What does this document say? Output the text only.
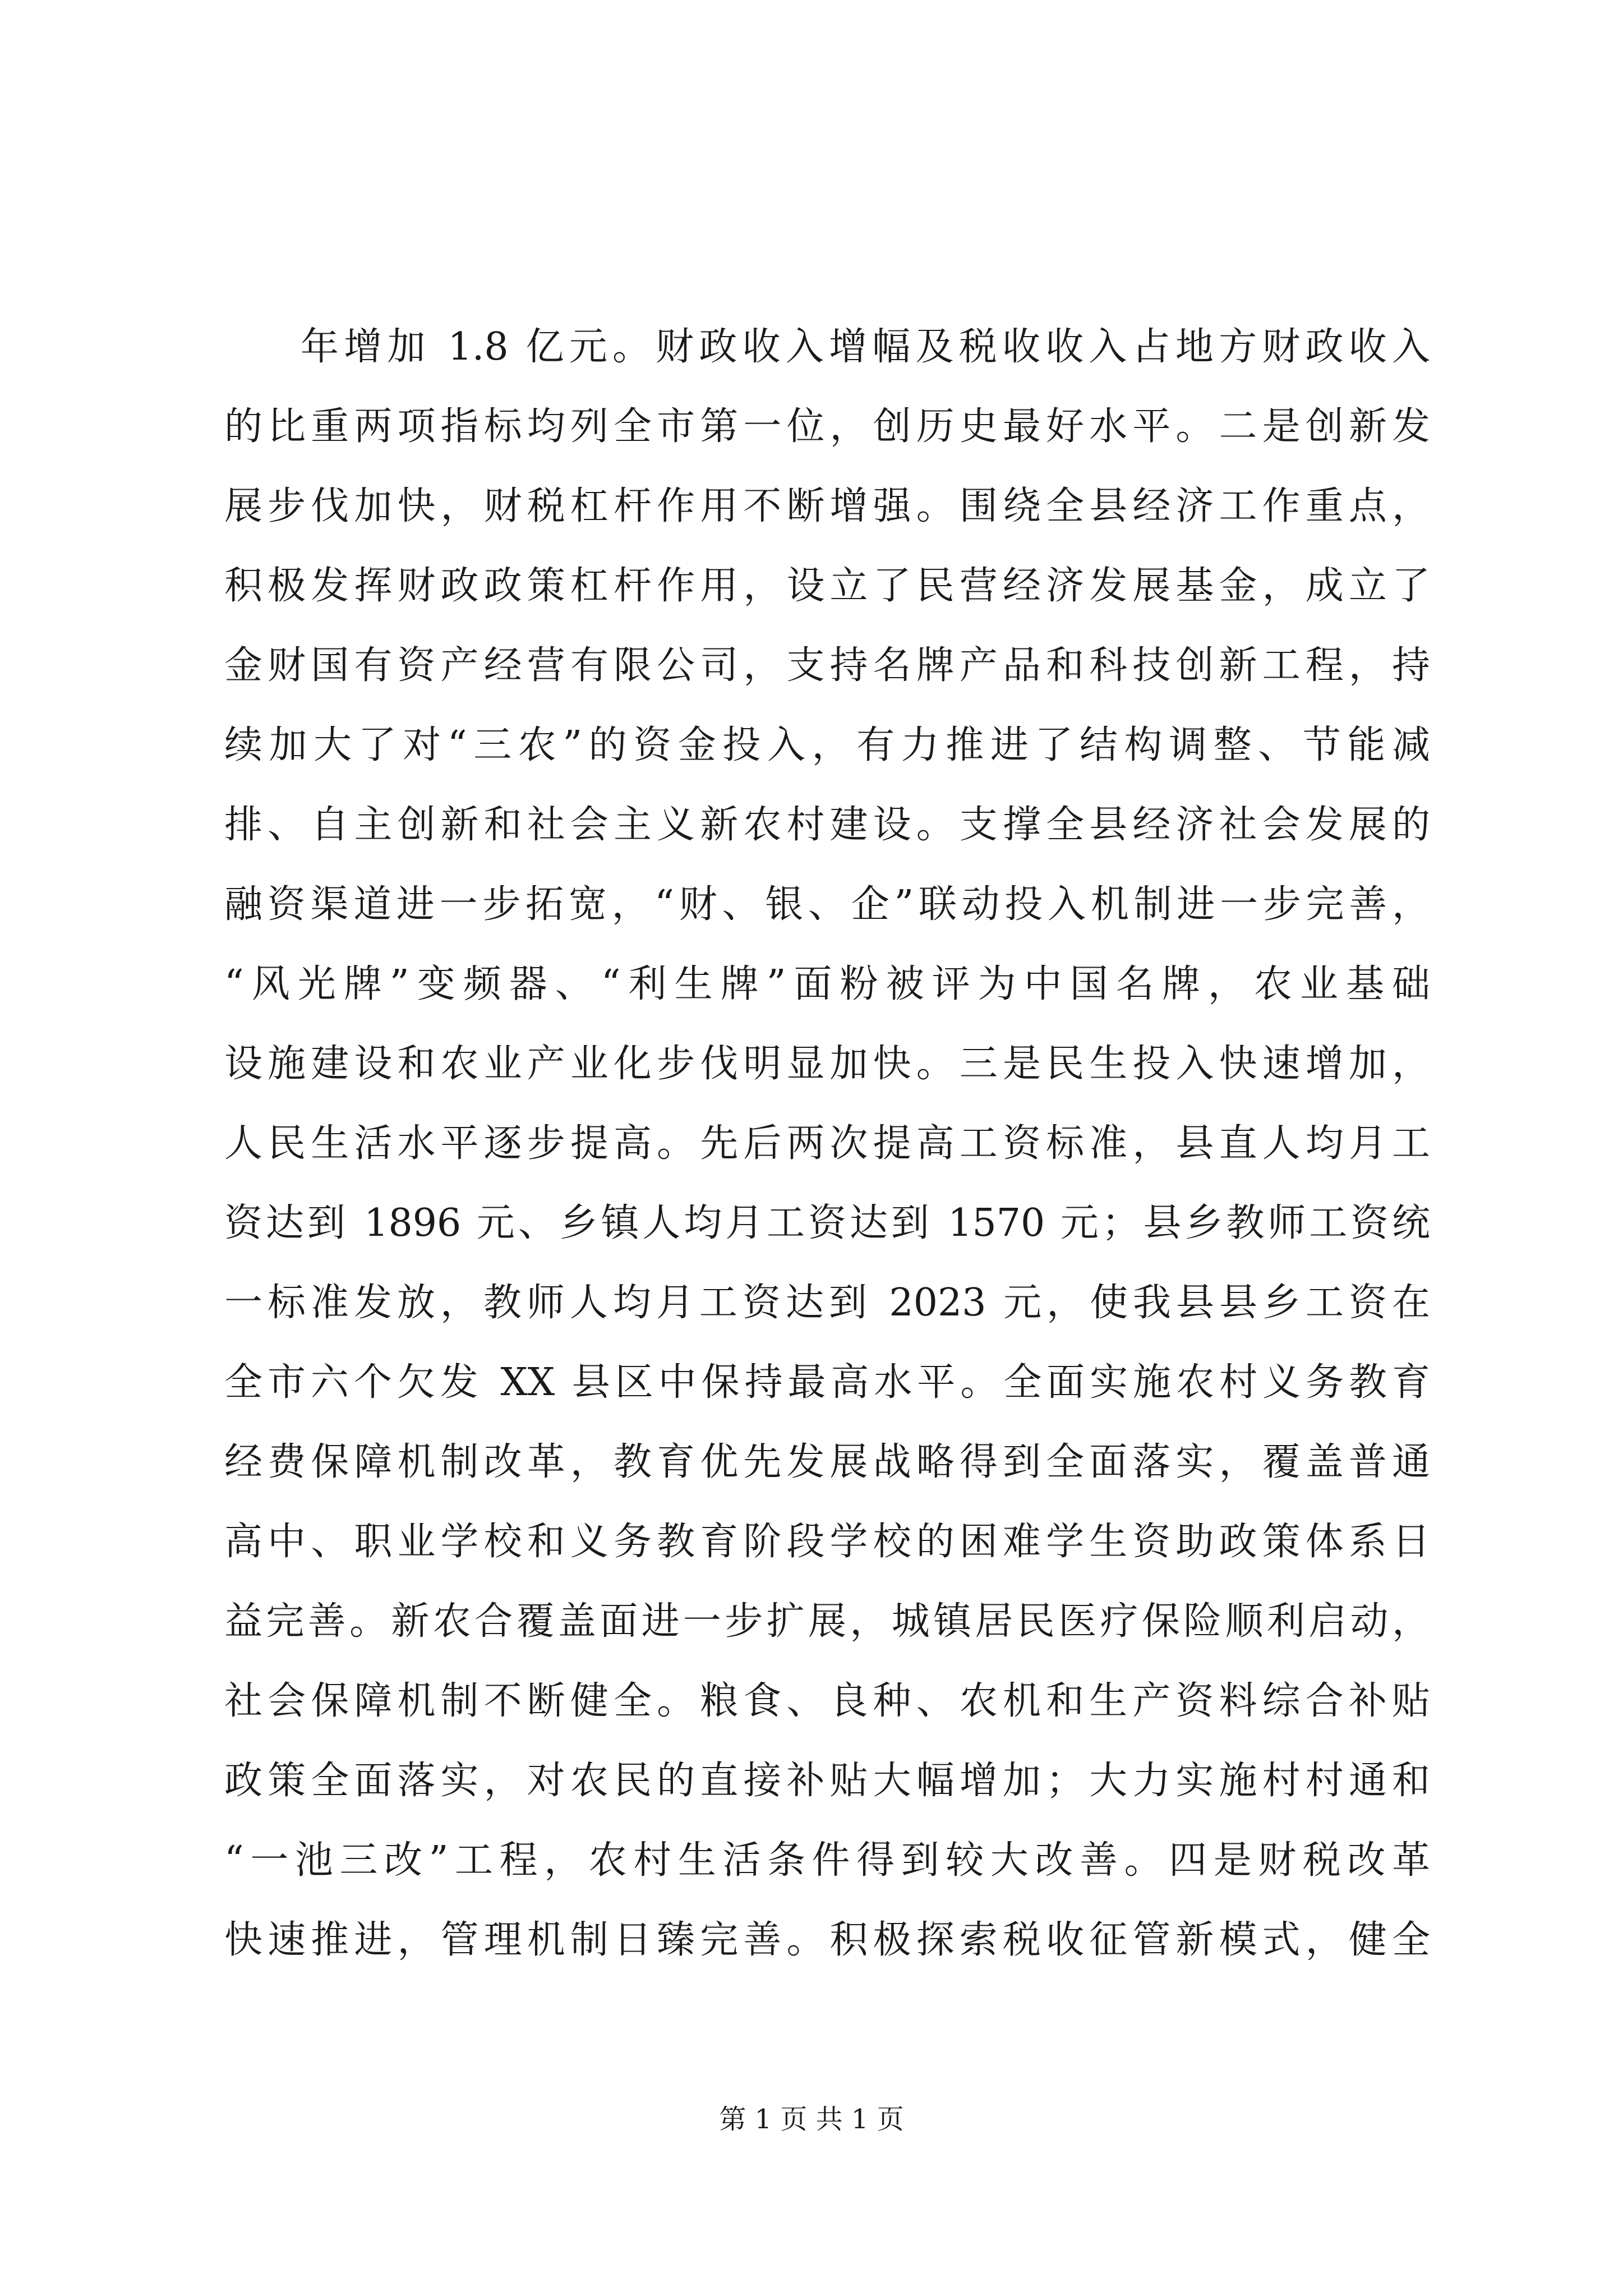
年增加 1.8 亿元。财政收入增幅及税收收入占地方财政收入
的比重两项指标均列全市第一位，创历史最好水平。二是创新发
展步伐加快，财税杠杆作用不断增强。围绕全县经济工作重点，
积极发挥财政政策杠杆作用，设立了民营经济发展基金，成立了
金财国有资产经营有限公司，支持名牌产品和科技创新工程，持
续加大了对“三农”的资金投入，有力推进了结构调整、节能减
排、自主创新和社会主义新农村建设。支撑全县经济社会发展的
融资渠道进一步拓宽，“财、银、企”联动投入机制进一步完善，
“风光牌”变频器、“利生牌”面粉被评为中国名牌，农业基础
设施建设和农业产业化步伐明显加快。三是民生投入快速增加，
人民生活水平逐步提高。先后两次提高工资标准，县直人均月工
资达到 1896 元、乡镇人均月工资达到 1570 元；县乡教师工资统
一标准发放，教师人均月工资达到 2023 元，使我县县乡工资在
全市六个欠发 XX 县区中保持最高水平。全面实施农村义务教育
经费保障机制改革，教育优先发展战略得到全面落实，覆盖普通
高中、职业学校和义务教育阶段学校的困难学生资助政策体系日
益完善。新农合覆盖面进一步扩展，城镇居民医疗保险顺利启动，
社会保障机制不断健全。粮食、良种、农机和生产资料综合补贴
政策全面落实，对农民的直接补贴大幅增加；大力实施村村通和
“一池三改”工程，农村生活条件得到较大改善。四是财税改革
快速推进，管理机制日臻完善。积极探索税收征管新模式，健全
第 1 页 共 1 页
